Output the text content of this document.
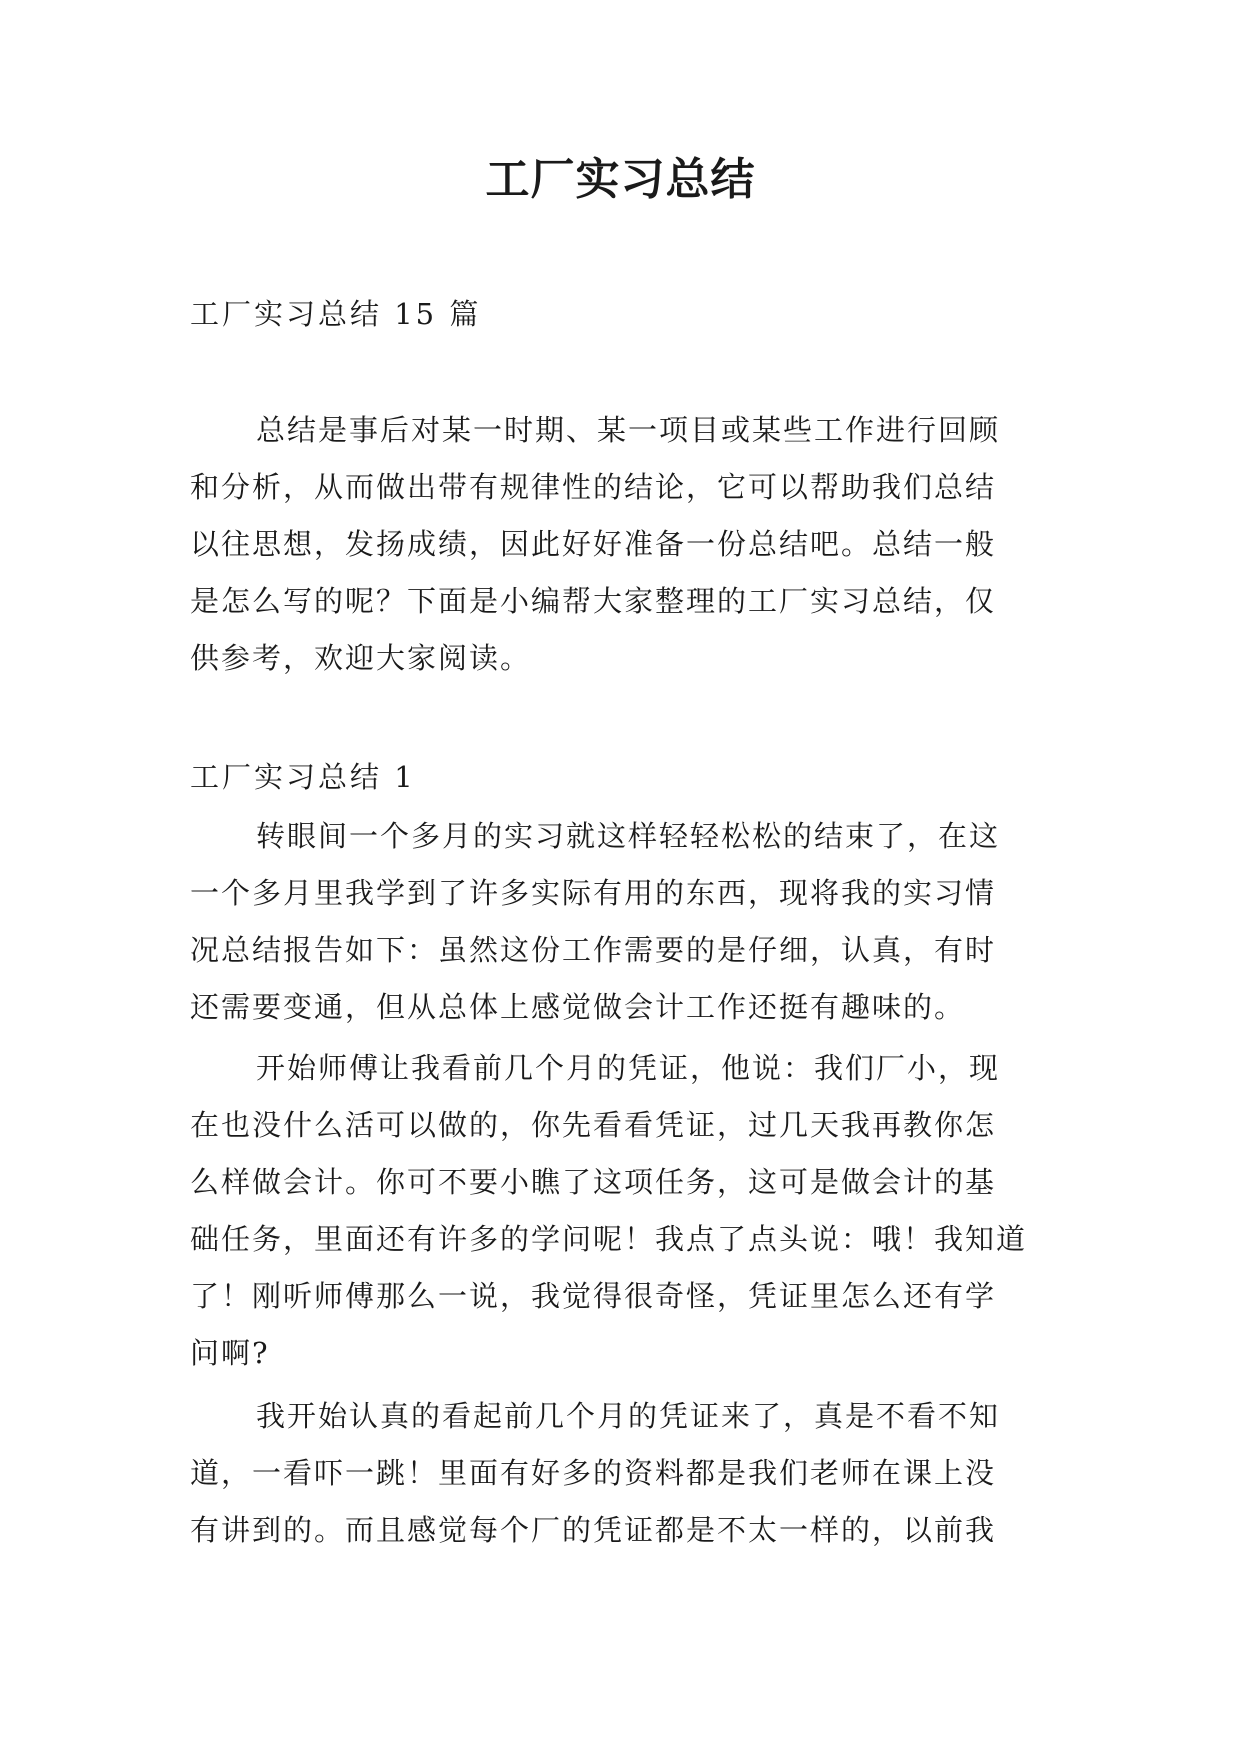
工厂实习总结

工厂实习总结 15 篇

总结是事后对某一时期、某一项目或某些工作进行回顾
和分析，从而做出带有规律性的结论，它可以帮助我们总结
以往思想，发扬成绩，因此好好准备一份总结吧。总结一般
是怎么写的呢？下面是小编帮大家整理的工厂实习总结，仅
供参考，欢迎大家阅读。

工厂实习总结 1

转眼间一个多月的实习就这样轻轻松松的结束了，在这
一个多月里我学到了许多实际有用的东西，现将我的实习情
况总结报告如下：虽然这份工作需要的是仔细，认真，有时
还需要变通，但从总体上感觉做会计工作还挺有趣味的。
开始师傅让我看前几个月的凭证，他说：我们厂小，现
在也没什么活可以做的，你先看看凭证，过几天我再教你怎
么样做会计。你可不要小瞧了这项任务，这可是做会计的基
础任务，里面还有许多的学问呢！我点了点头说：哦！我知道
了！刚听师傅那么一说，我觉得很奇怪，凭证里怎么还有学
问啊?
我开始认真的看起前几个月的凭证来了，真是不看不知
道，一看吓一跳！里面有好多的资料都是我们老师在课上没
有讲到的。而且感觉每个厂的凭证都是不太一样的，以前我
